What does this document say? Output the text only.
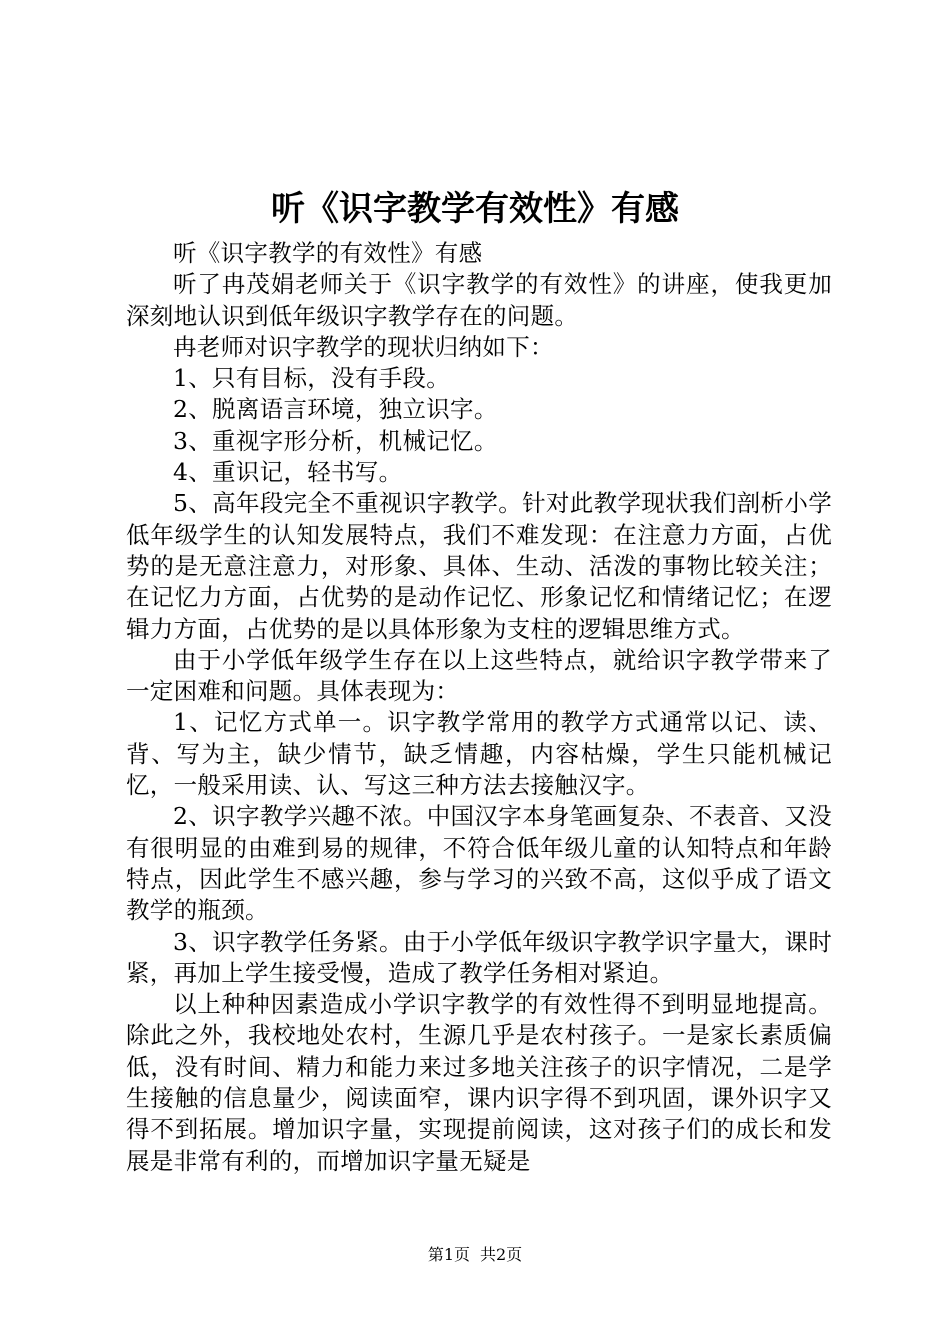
听《识字教学有效性》有感

听《识字教学的有效性》有感

听了冉茂娟老师关于《识字教学的有效性》的讲座，使我更加深刻地认识到低年级识字教学存在的问题。

冉老师对识字教学的现状归纳如下：

1、只有目标，没有手段。

2、脱离语言环境，独立识字。

3、重视字形分析，机械记忆。

4、重识记，轻书写。

5、高年段完全不重视识字教学。针对此教学现状我们剖析小学低年级学生的认知发展特点，我们不难发现：在注意力方面，占优势的是无意注意力，对形象、具体、生动、活泼的事物比较关注；在记忆力方面，占优势的是动作记忆、形象记忆和情绪记忆；在逻辑力方面，占优势的是以具体形象为支柱的逻辑思维方式。

由于小学低年级学生存在以上这些特点，就给识字教学带来了一定困难和问题。具体表现为：

1、记忆方式单一。识字教学常用的教学方式通常以记、读、背、写为主，缺少情节，缺乏情趣，内容枯燥，学生只能机械记忆，一般采用读、认、写这三种方法去接触汉字。

2、识字教学兴趣不浓。中国汉字本身笔画复杂、不表音、又没有很明显的由难到易的规律，不符合低年级儿童的认知特点和年龄特点，因此学生不感兴趣，参与学习的兴致不高，这似乎成了语文教学的瓶颈。

3、识字教学任务紧。由于小学低年级识字教学识字量大，课时紧，再加上学生接受慢，造成了教学任务相对紧迫。

以上种种因素造成小学识字教学的有效性得不到明显地提高。除此之外，我校地处农村，生源几乎是农村孩子。一是家长素质偏低，没有时间、精力和能力来过多地关注孩子的识字情况，二是学生接触的信息量少，阅读面窄，课内识字得不到巩固，课外识字又得不到拓展。增加识字量，实现提前阅读，这对孩子们的成长和发展是非常有利的，而增加识字量无疑是

第1页 共2页
